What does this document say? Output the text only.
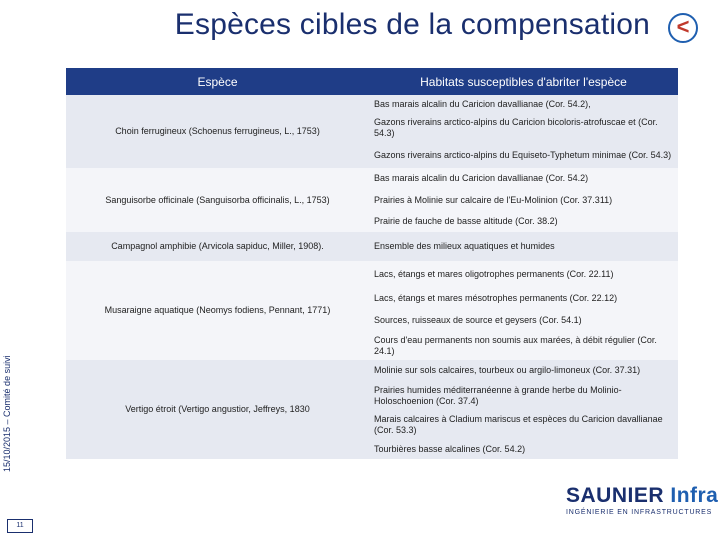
Espèces cibles de la compensation	<
15/10/2015 – Comité de suivi
11
Espèce	Habitats susceptibles d'abriter l'espèce
Choin ferrugineux (Schoenus ferrugineus, L., 1753)	Bas marais alcalin du Caricion davallianae (Cor. 54.2),
	Gazons riverains arctico-alpins du Caricion bicoloris-atrofuscae et (Cor. 54.3)
	Gazons riverains arctico-alpins du Equiseto-Typhetum minimae (Cor. 54.3)
Sanguisorbe officinale (Sanguisorba officinalis, L., 1753)	Bas marais alcalin du Caricion davallianae (Cor. 54.2)
	Prairies à Molinie sur calcaire de l'Eu-Molinion (Cor. 37.311)
	Prairie de fauche de basse altitude (Cor. 38.2)
Campagnol amphibie (Arvicola sapiduc, Miller, 1908).	Ensemble des milieux aquatiques et humides
Musaraigne aquatique (Neomys fodiens, Pennant, 1771)	Lacs, étangs et mares oligotrophes permanents (Cor. 22.11)
	Lacs, étangs et mares mésotrophes permanents (Cor. 22.12)
	Sources, ruisseaux de source et geysers (Cor. 54.1)
	Cours d'eau permanents non soumis aux marées, à débit régulier (Cor. 24.1)
Vertigo étroit (Vertigo angustior, Jeffreys, 1830	Molinie sur sols calcaires, tourbeux ou argilo-limoneux (Cor. 37.31)
	Prairies humides méditerranéenne à grande herbe du Molinio-Holoschoenion (Cor. 37.4)
	Marais calcaires à Cladium mariscus et espèces du Caricion davallianae (Cor. 53.3)
	Tourbières basse alcalines (Cor. 54.2)
SAUNIER Infra
INGÉNIERIE EN INFRASTRUCTURES
